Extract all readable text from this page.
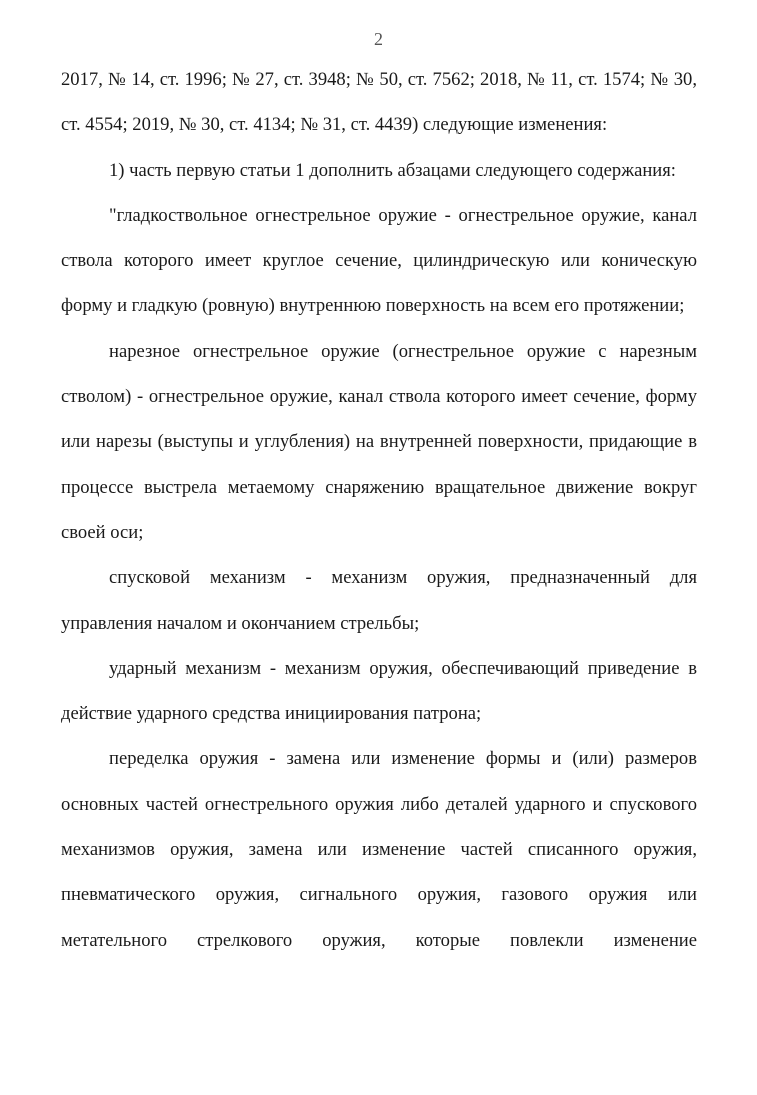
2

2017, № 14, ст. 1996; № 27, ст. 3948; № 50, ст. 7562; 2018, № 11, ст. 1574; № 30, ст. 4554; 2019, № 30, ст. 4134; № 31, ст. 4439) следующие изменения:

1) часть первую статьи 1 дополнить абзацами следующего содержания:

"гладкоствольное огнестрельное оружие - огнестрельное оружие, канал ствола которого имеет круглое сечение, цилиндрическую или коническую форму и гладкую (ровную) внутреннюю поверхность на всем его протяжении;

нарезное огнестрельное оружие (огнестрельное оружие с нарезным стволом) - огнестрельное оружие, канал ствола которого имеет сечение, форму или нарезы (выступы и углубления) на внутренней поверхности, придающие в процессе выстрела метаемому снаряжению вращательное движение вокруг своей оси;

спусковой механизм - механизм оружия, предназначенный для управления началом и окончанием стрельбы;

ударный механизм - механизм оружия, обеспечивающий приведение в действие ударного средства инициирования патрона;

переделка оружия - замена или изменение формы и (или) размеров основных частей огнестрельного оружия либо деталей ударного и спускового механизмов оружия, замена или изменение частей списанного оружия, пневматического оружия, сигнального оружия, газового оружия или метательного стрелкового оружия, которые повлекли изменение
